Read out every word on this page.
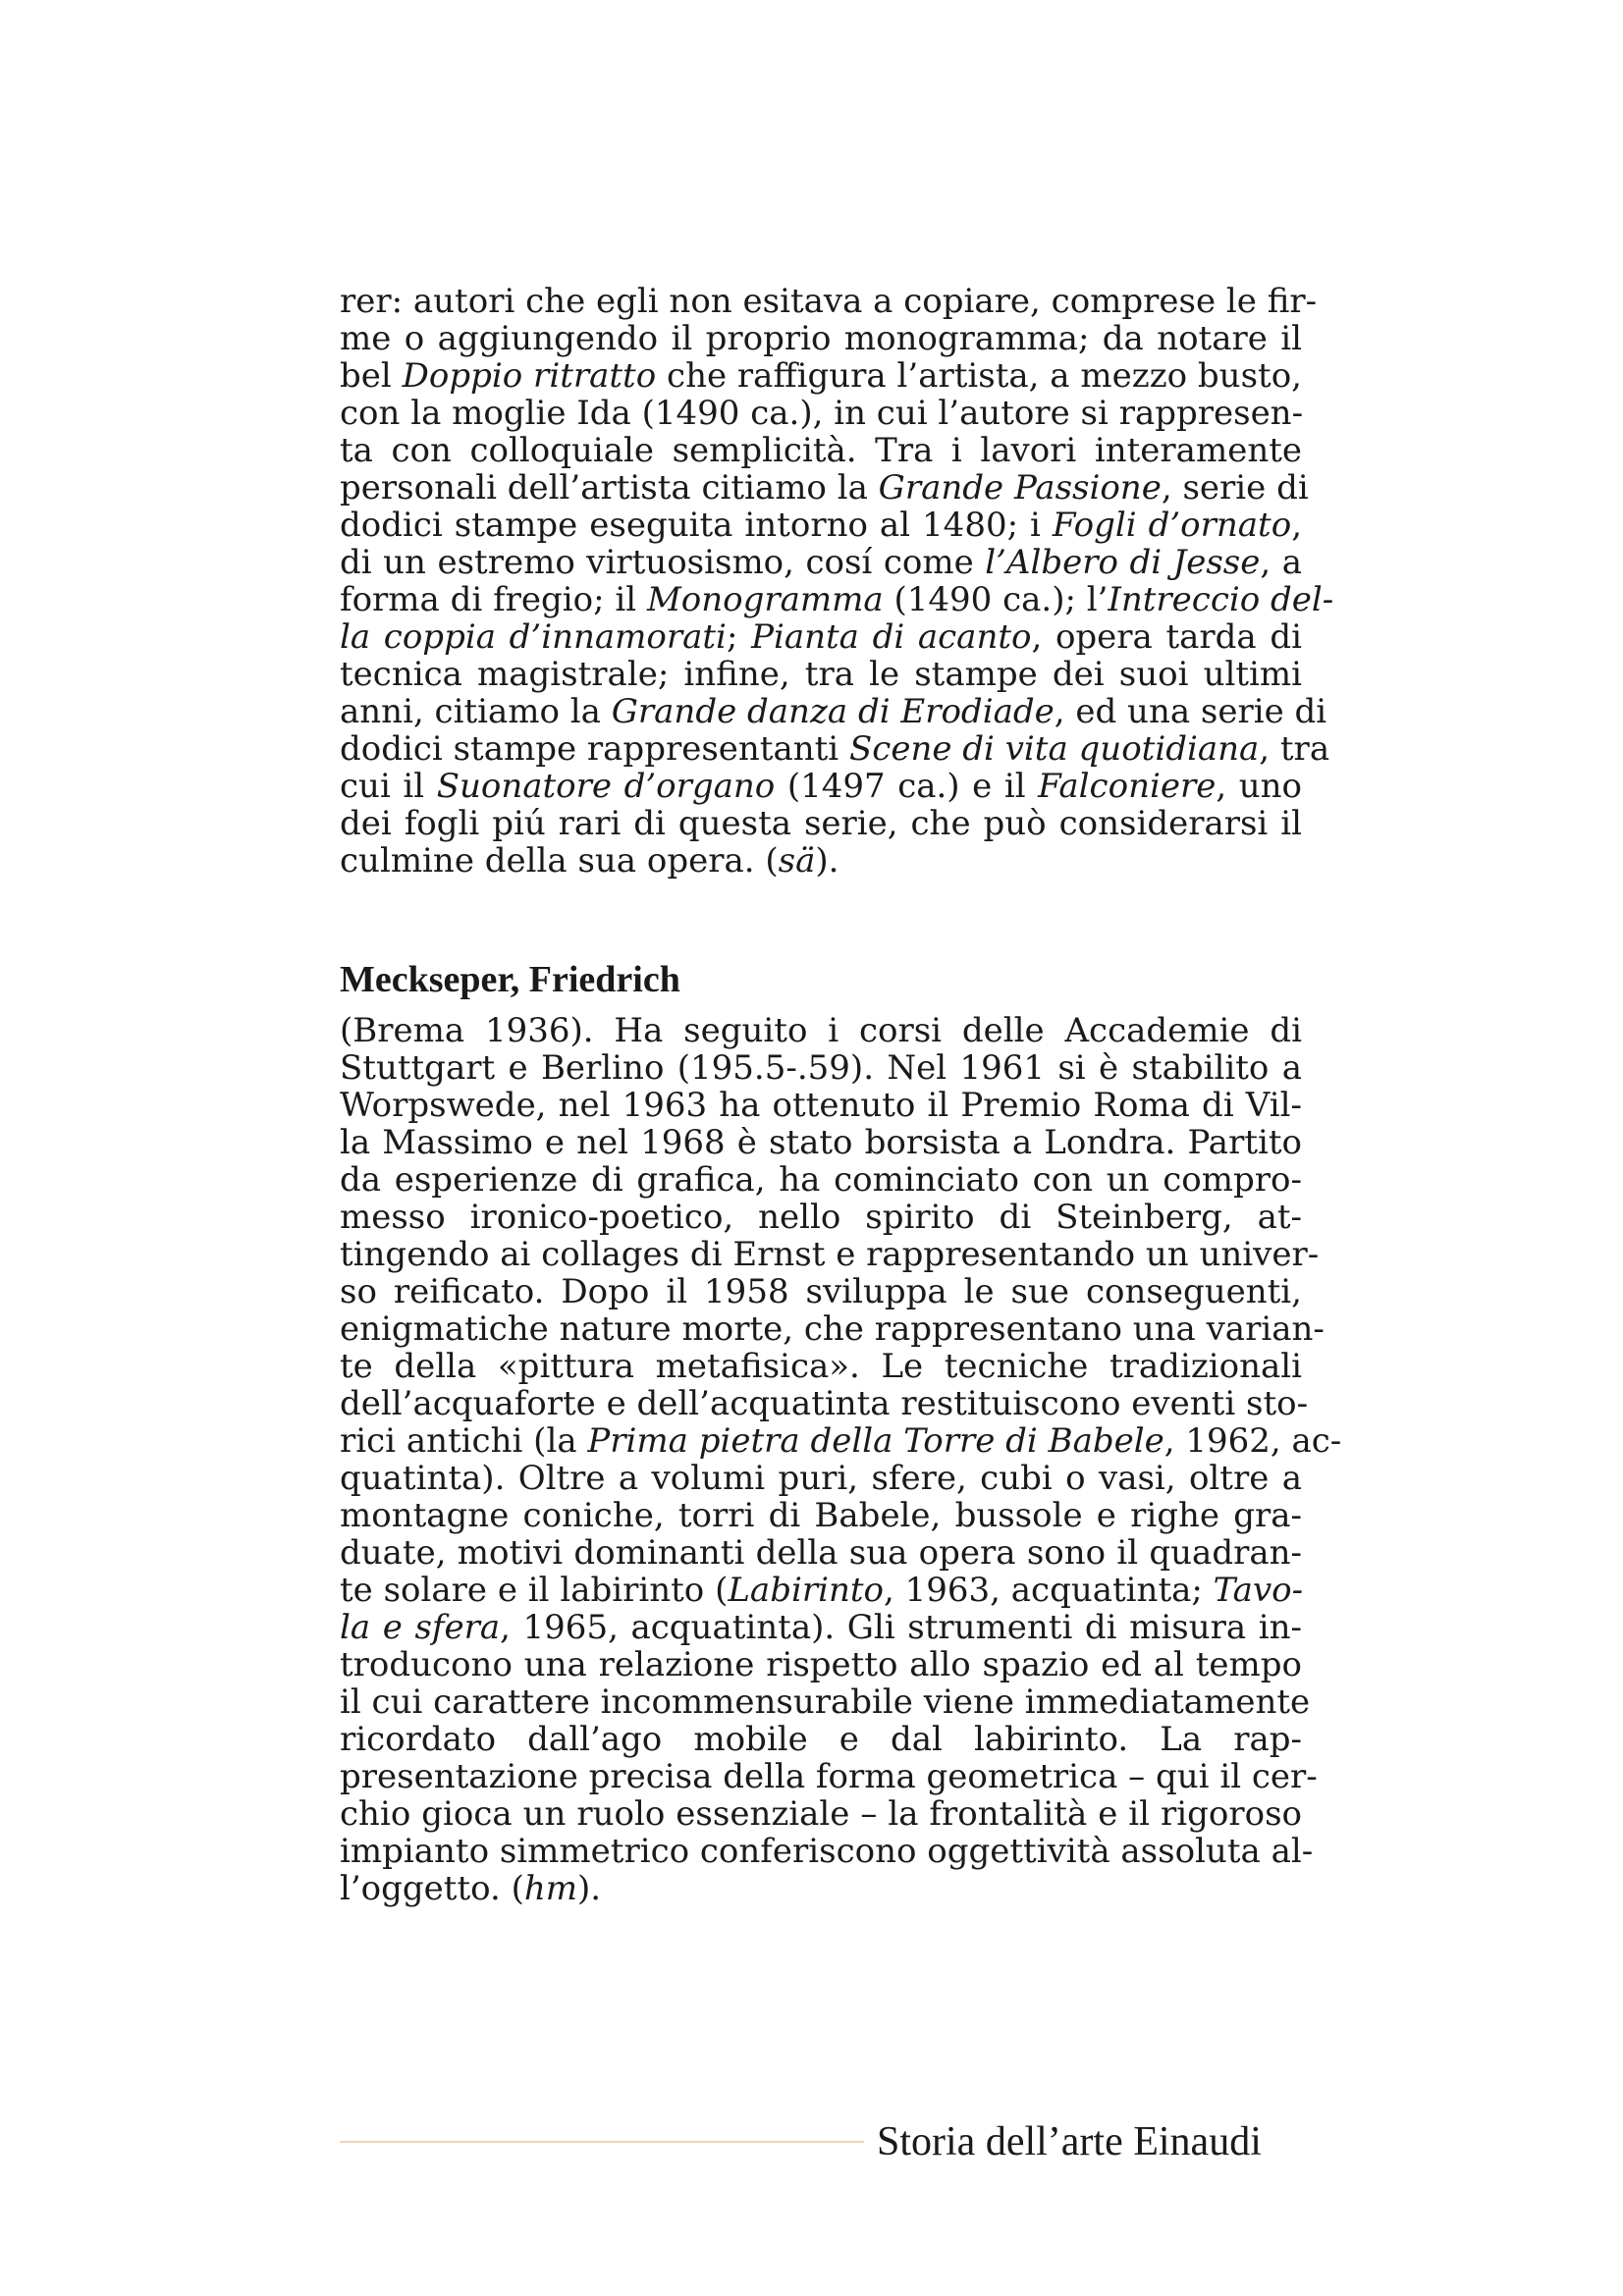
rer: autori che egli non esitava a copiare, comprese le fir-
me o aggiungendo il proprio monogramma; da notare il
bel Doppio ritratto che raffigura l’artista, a mezzo busto,
con la moglie Ida (1490 ca.), in cui l’autore si rappresen-
ta con colloquiale semplicità. Tra i lavori interamente
personali dell’artista citiamo la Grande Passione, serie di
dodici stampe eseguita intorno al 1480; i Fogli d’ornato,
di un estremo virtuosismo, cosí come l’Albero di Jesse, a
forma di fregio; il Monogramma (1490 ca.); l’Intreccio del-
la coppia d’innamorati; Pianta di acanto, opera tarda di
tecnica magistrale; infine, tra le stampe dei suoi ultimi
anni, citiamo la Grande danza di Erodiade, ed una serie di
dodici stampe rappresentanti Scene di vita quotidiana, tra
cui il Suonatore d’organo (1497 ca.) e il Falconiere, uno
dei fogli piú rari di questa serie, che può considerarsi il
culmine della sua opera. (sä).
Meckseper, Friedrich
(Brema 1936). Ha seguito i corsi delle Accademie di
Stuttgart e Berlino (195.5-.59). Nel 1961 si è stabilito a
Worpswede, nel 1963 ha ottenuto il Premio Roma di Vil-
la Massimo e nel 1968 è stato borsista a Londra. Partito
da esperienze di grafica, ha cominciato con un compro-
messo ironico-poetico, nello spirito di Steinberg, at-
tingendo ai collages di Ernst e rappresentando un univer-
so reificato. Dopo il 1958 sviluppa le sue conseguenti,
enigmatiche nature morte, che rappresentano una varian-
te della «pittura metafisica». Le tecniche tradizionali
dell’acquaforte e dell’acquatinta restituiscono eventi sto-
rici antichi (la Prima pietra della Torre di Babele, 1962, ac-
quatinta). Oltre a volumi puri, sfere, cubi o vasi, oltre a
montagne coniche, torri di Babele, bussole e righe gra-
duate, motivi dominanti della sua opera sono il quadran-
te solare e il labirinto (Labirinto, 1963, acquatinta; Tavo-
la e sfera, 1965, acquatinta). Gli strumenti di misura in-
troducono una relazione rispetto allo spazio ed al tempo
il cui carattere incommensurabile viene immediatamente
ricordato dall’ago mobile e dal labirinto. La rap-
presentazione precisa della forma geometrica – qui il cer-
chio gioca un ruolo essenziale – la frontalità e il rigoroso
impianto simmetrico conferiscono oggettività assoluta al-
l’oggetto. (hm).
Storia dell’arte Einaudi
